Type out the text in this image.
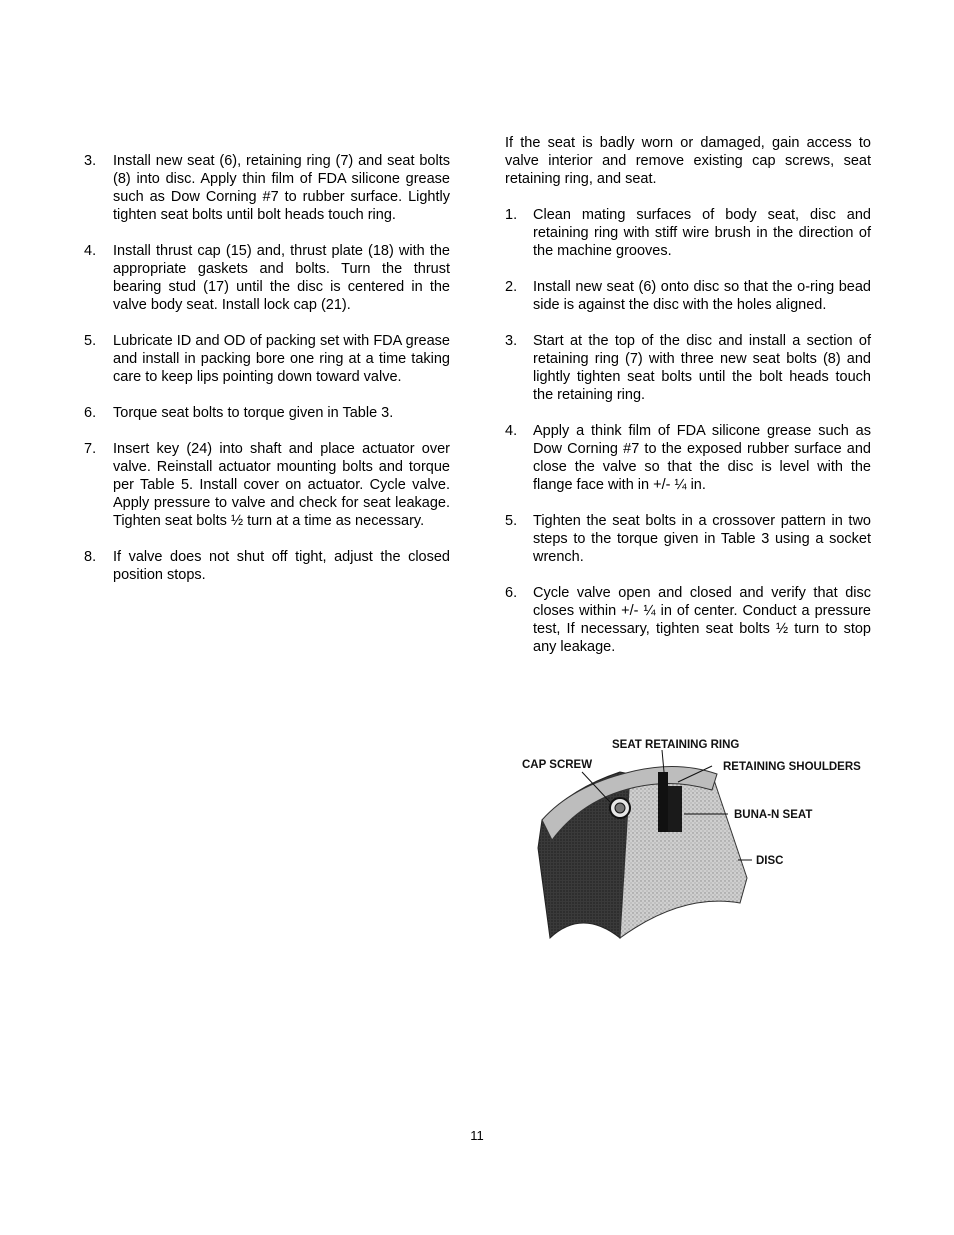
3.	Install new seat (6), retaining ring (7) and seat bolts (8) into disc. Apply thin film of FDA silicone grease such as Dow Corning #7 to rubber surface. Lightly tighten seat bolts until bolt heads touch ring.
4.	Install thrust cap (15) and, thrust plate (18) with the appropriate gaskets and bolts. Turn the thrust bearing stud (17) until the disc is centered in the valve body seat. Install lock cap (21).
5.	Lubricate ID and OD of packing set with FDA grease and install in packing bore one ring at a time taking care to keep lips pointing down toward valve.
6.	Torque seat bolts to torque given in Table 3.
7.	Insert key (24) into shaft and place actuator over valve. Reinstall actuator mounting bolts and torque per Table 5. Install cover on actuator. Cycle valve. Apply pressure to valve and check for seat leakage. Tighten seat bolts ½ turn at a time as necessary.
8.	If valve does not shut off tight, adjust the closed position stops.

If the seat is badly worn or damaged, gain access to valve interior and remove existing cap screws, seat retaining ring, and seat.

1.	Clean mating surfaces of body seat, disc and retaining ring with stiff wire brush in the direction of the machine grooves.
2.	Install new seat (6) onto disc so that the o-ring bead side is against the disc with the holes aligned.
3.	Start at the top of the disc and install a section of retaining ring (7) with three new seat bolts (8) and lightly tighten seat bolts until the bolt heads touch the retaining ring.
4.	Apply a think film of FDA silicone grease such as Dow Corning #7 to the exposed rubber surface and close the valve so that the disc is level with the flange face with in +/- ¼ in.
5.	Tighten the seat bolts in a crossover pattern in two steps to the torque given in Table 3 using a socket wrench.
6.	Cycle valve open and closed and verify that disc closes within +/- ¼ in of center. Conduct a pressure test, If necessary, tighten seat bolts ½ turn to stop any leakage.
SEAT RETAINING RING
CAP SCREW	RETAINING SHOULDERS
BUNA-N SEAT
DISC
11
